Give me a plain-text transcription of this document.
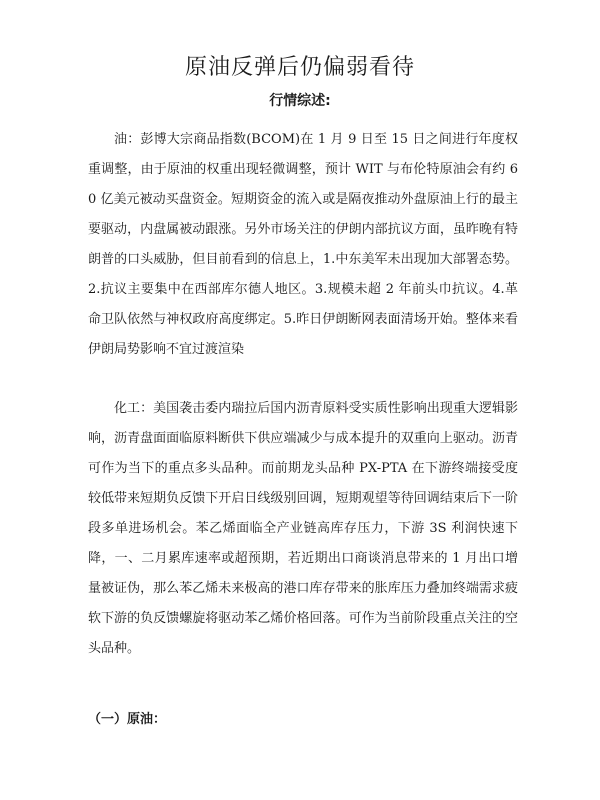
原油反弹后仍偏弱看待
行情综述:

油：彭博大宗商品指数(BCOM)在 1 月 9 日至 15 日之间进行年度权重调整，由于原油的权重出现轻微调整，预计 WIT 与布伦特原油会有约 60 亿美元被动买盘资金。短期资金的流入或是隔夜推动外盘原油上行的最主要驱动，内盘属被动跟涨。另外市场关注的伊朗内部抗议方面，虽昨晚有特朗普的口头威胁，但目前看到的信息上，1.中东美军未出现加大部署态势。2.抗议主要集中在西部库尔德人地区。3.规模未超 2 年前头巾抗议。4.革命卫队依然与神权政府高度绑定。5.昨日伊朗断网表面清场开始。整体来看伊朗局势影响不宜过渡渲染

化工：美国袭击委内瑞拉后国内沥青原料受实质性影响出现重大逻辑影响，沥青盘面面临原料断供下供应端减少与成本提升的双重向上驱动。沥青可作为当下的重点多头品种。而前期龙头品种 PX-PTA 在下游终端接受度较低带来短期负反馈下开启日线级别回调，短期观望等待回调结束后下一阶段多单进场机会。苯乙烯面临全产业链高库存压力，下游 3S 利润快速下降，一、二月累库速率或超预期，若近期出口商谈消息带来的 1 月出口增量被证伪，那么苯乙烯未来极高的港口库存带来的胀库压力叠加终端需求疲软下游的负反馈螺旋将驱动苯乙烯价格回落。可作为当前阶段重点关注的空头品种。

（一）原油：
